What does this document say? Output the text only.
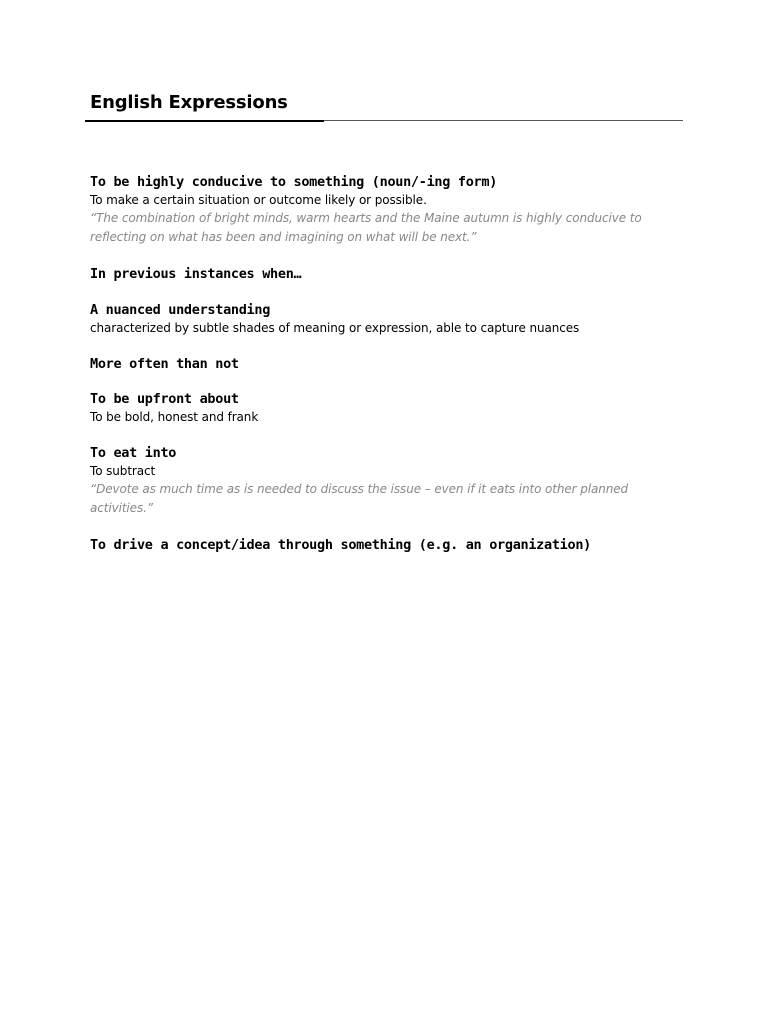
English Expressions
To be highly conducive to something (noun/-ing form)
To make a certain situation or outcome likely or possible.
“The combination of bright minds, warm hearts and the Maine autumn is highly conducive to reflecting on what has been and imagining on what will be next.”
In previous instances when…
A nuanced understanding
characterized by subtle shades of meaning or expression, able to capture nuances
More often than not
To be upfront about
To be bold, honest and frank
To eat into
To subtract
“Devote as much time as is needed to discuss the issue – even if it eats into other planned activities.”
To drive a concept/idea through something (e.g. an organization)
